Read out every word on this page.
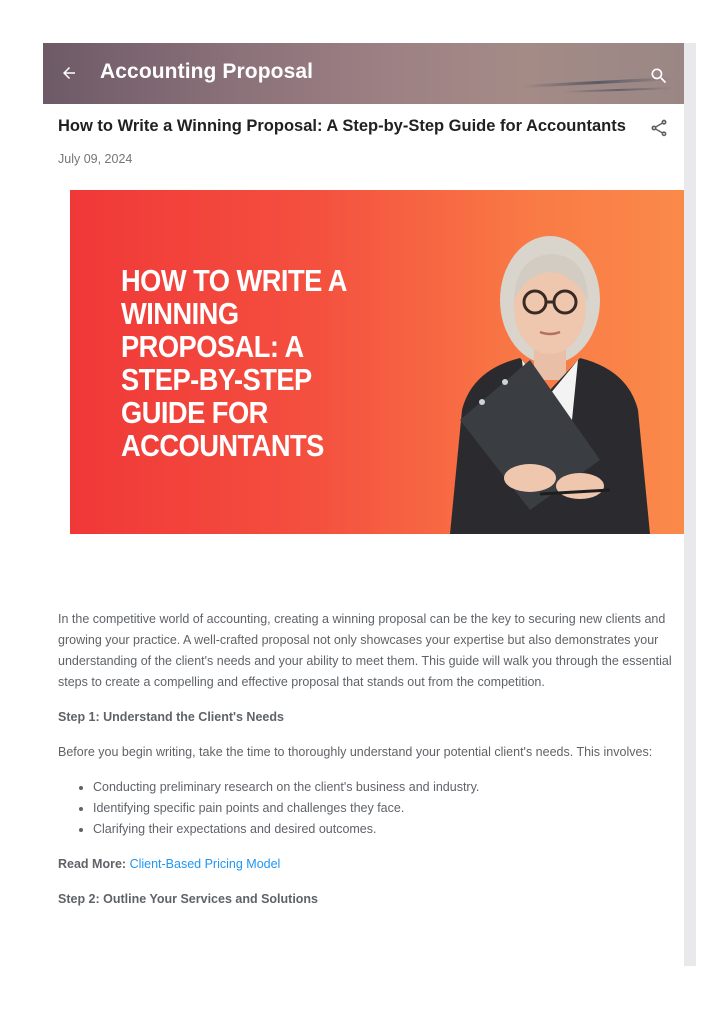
Accounting Proposal
How to Write a Winning Proposal: A Step-by-Step Guide for Accountants
July 09, 2024
HOW TO WRITE A
WINNING
PROPOSAL: A
STEP-BY-STEP
GUIDE FOR
ACCOUNTANTS

In the competitive world of accounting, creating a winning proposal can be the key to securing new clients and growing your practice. A well-crafted proposal not only showcases your expertise but also demonstrates your understanding of the client's needs and your ability to meet them. This guide will walk you through the essential steps to create a compelling and effective proposal that stands out from the competition.

Step 1: Understand the Client's Needs

Before you begin writing, take the time to thoroughly understand your potential client's needs. This involves:

• Conducting preliminary research on the client's business and industry.
• Identifying specific pain points and challenges they face.
• Clarifying their expectations and desired outcomes.

Read More: Client-Based Pricing Model

Step 2: Outline Your Services and Solutions
